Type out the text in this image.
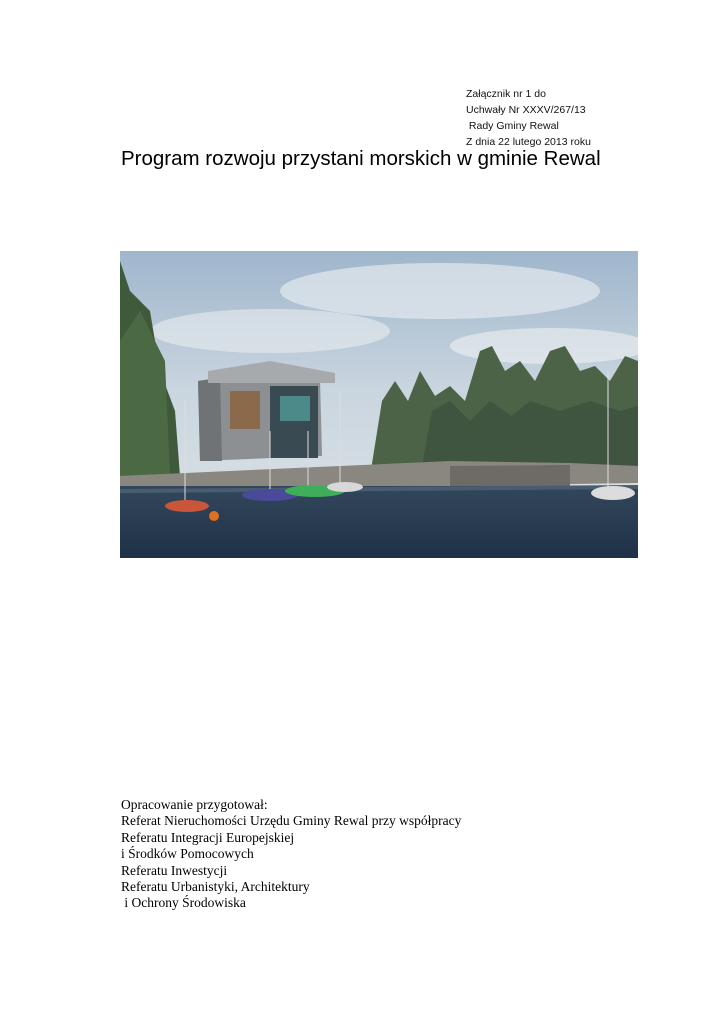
Załącznik nr 1 do
Uchwały Nr XXXV/267/13
Rady Gminy Rewal
Z dnia 22 lutego 2013 roku
Program rozwoju przystani morskich w gminie Rewal
Opracowanie przygotował:
Referat Nieruchomości Urzędu Gminy Rewal przy współpracy
Referatu Integracji Europejskiej
i Środków Pomocowych
Referatu Inwestycji
Referatu Urbanistyki, Architektury
i Ochrony Środowiska
